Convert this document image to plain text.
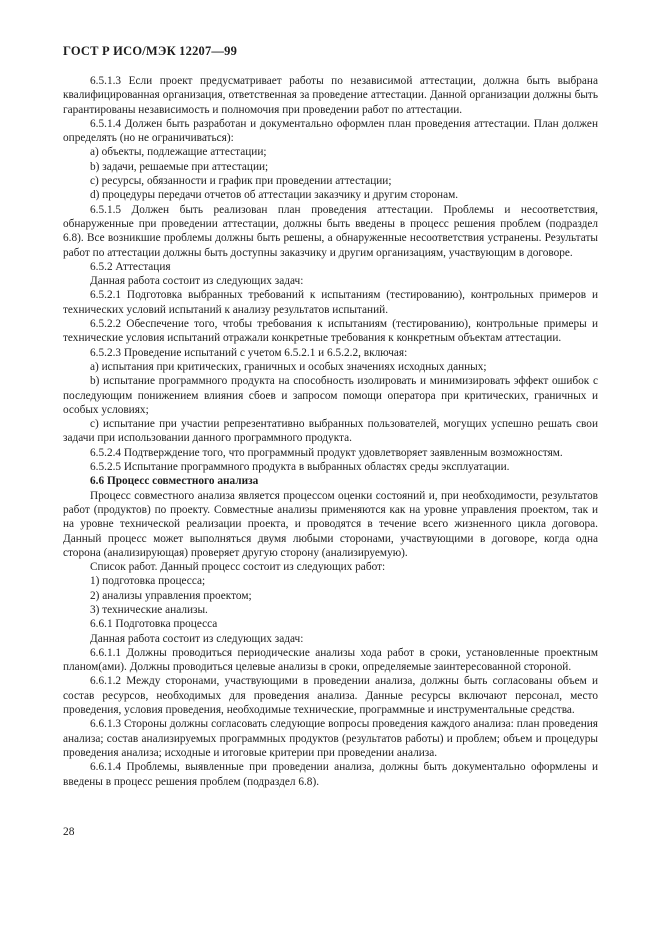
ГОСТ Р ИСО/МЭК 12207—99

6.5.1.3 Если проект предусматривает работы по независимой аттестации, должна быть выбрана квалифицированная организация, ответственная за проведение аттестации. Данной организации должны быть гарантированы независимость и полномочия при проведении работ по аттестации.

6.5.1.4 Должен быть разработан и документально оформлен план проведения аттестации. План должен определять (но не ограничиваться):

a) объекты, подлежащие аттестации;

b) задачи, решаемые при аттестации;

c) ресурсы, обязанности и график при проведении аттестации;

d) процедуры передачи отчетов об аттестации заказчику и другим сторонам.

6.5.1.5 Должен быть реализован план проведения аттестации. Проблемы и несоответствия, обнаруженные при проведении аттестации, должны быть введены в процесс решения проблем (подраздел 6.8). Все возникшие проблемы должны быть решены, а обнаруженные несоответствия устранены. Результаты работ по аттестации должны быть доступны заказчику и другим организациям, участвующим в договоре.

6.5.2 Аттестация

Данная работа состоит из следующих задач:

6.5.2.1 Подготовка выбранных требований к испытаниям (тестированию), контрольных примеров и технических условий испытаний к анализу результатов испытаний.

6.5.2.2 Обеспечение того, чтобы требования к испытаниям (тестированию), контрольные примеры и технические условия испытаний отражали конкретные требования к конкретным объектам аттестации.

6.5.2.3 Проведение испытаний с учетом 6.5.2.1 и 6.5.2.2, включая:

a) испытания при критических, граничных и особых значениях исходных данных;

b) испытание программного продукта на способность изолировать и минимизировать эффект ошибок с последующим понижением влияния сбоев и запросом помощи оператора при критических, граничных и особых условиях;

c) испытание при участии репрезентативно выбранных пользователей, могущих успешно решать свои задачи при использовании данного программного продукта.

6.5.2.4 Подтверждение того, что программный продукт удовлетворяет заявленным возможностям.

6.5.2.5 Испытание программного продукта в выбранных областях среды эксплуатации.

6.6 Процесс совместного анализа

Процесс совместного анализа является процессом оценки состояний и, при необходимости, результатов работ (продуктов) по проекту. Совместные анализы применяются как на уровне управления проектом, так и на уровне технической реализации проекта, и проводятся в течение всего жизненного цикла договора. Данный процесс может выполняться двумя любыми сторонами, участвующими в договоре, когда одна сторона (анализирующая) проверяет другую сторону (анализируемую).

Список работ. Данный процесс состоит из следующих работ:

1) подготовка процесса;

2) анализы управления проектом;

3) технические анализы.

6.6.1 Подготовка процесса

Данная работа состоит из следующих задач:

6.6.1.1 Должны проводиться периодические анализы хода работ в сроки, установленные проектным планом(ами). Должны проводиться целевые анализы в сроки, определяемые заинтересованной стороной.

6.6.1.2 Между сторонами, участвующими в проведении анализа, должны быть согласованы объем и состав ресурсов, необходимых для проведения анализа. Данные ресурсы включают персонал, место проведения, условия проведения, необходимые технические, программные и инструментальные средства.

6.6.1.3 Стороны должны согласовать следующие вопросы проведения каждого анализа: план проведения анализа; состав анализируемых программных продуктов (результатов работы) и проблем; объем и процедуры проведения анализа; исходные и итоговые критерии при проведении анализа.

6.6.1.4 Проблемы, выявленные при проведении анализа, должны быть документально оформлены и введены в процесс решения проблем (подраздел 6.8).

28
